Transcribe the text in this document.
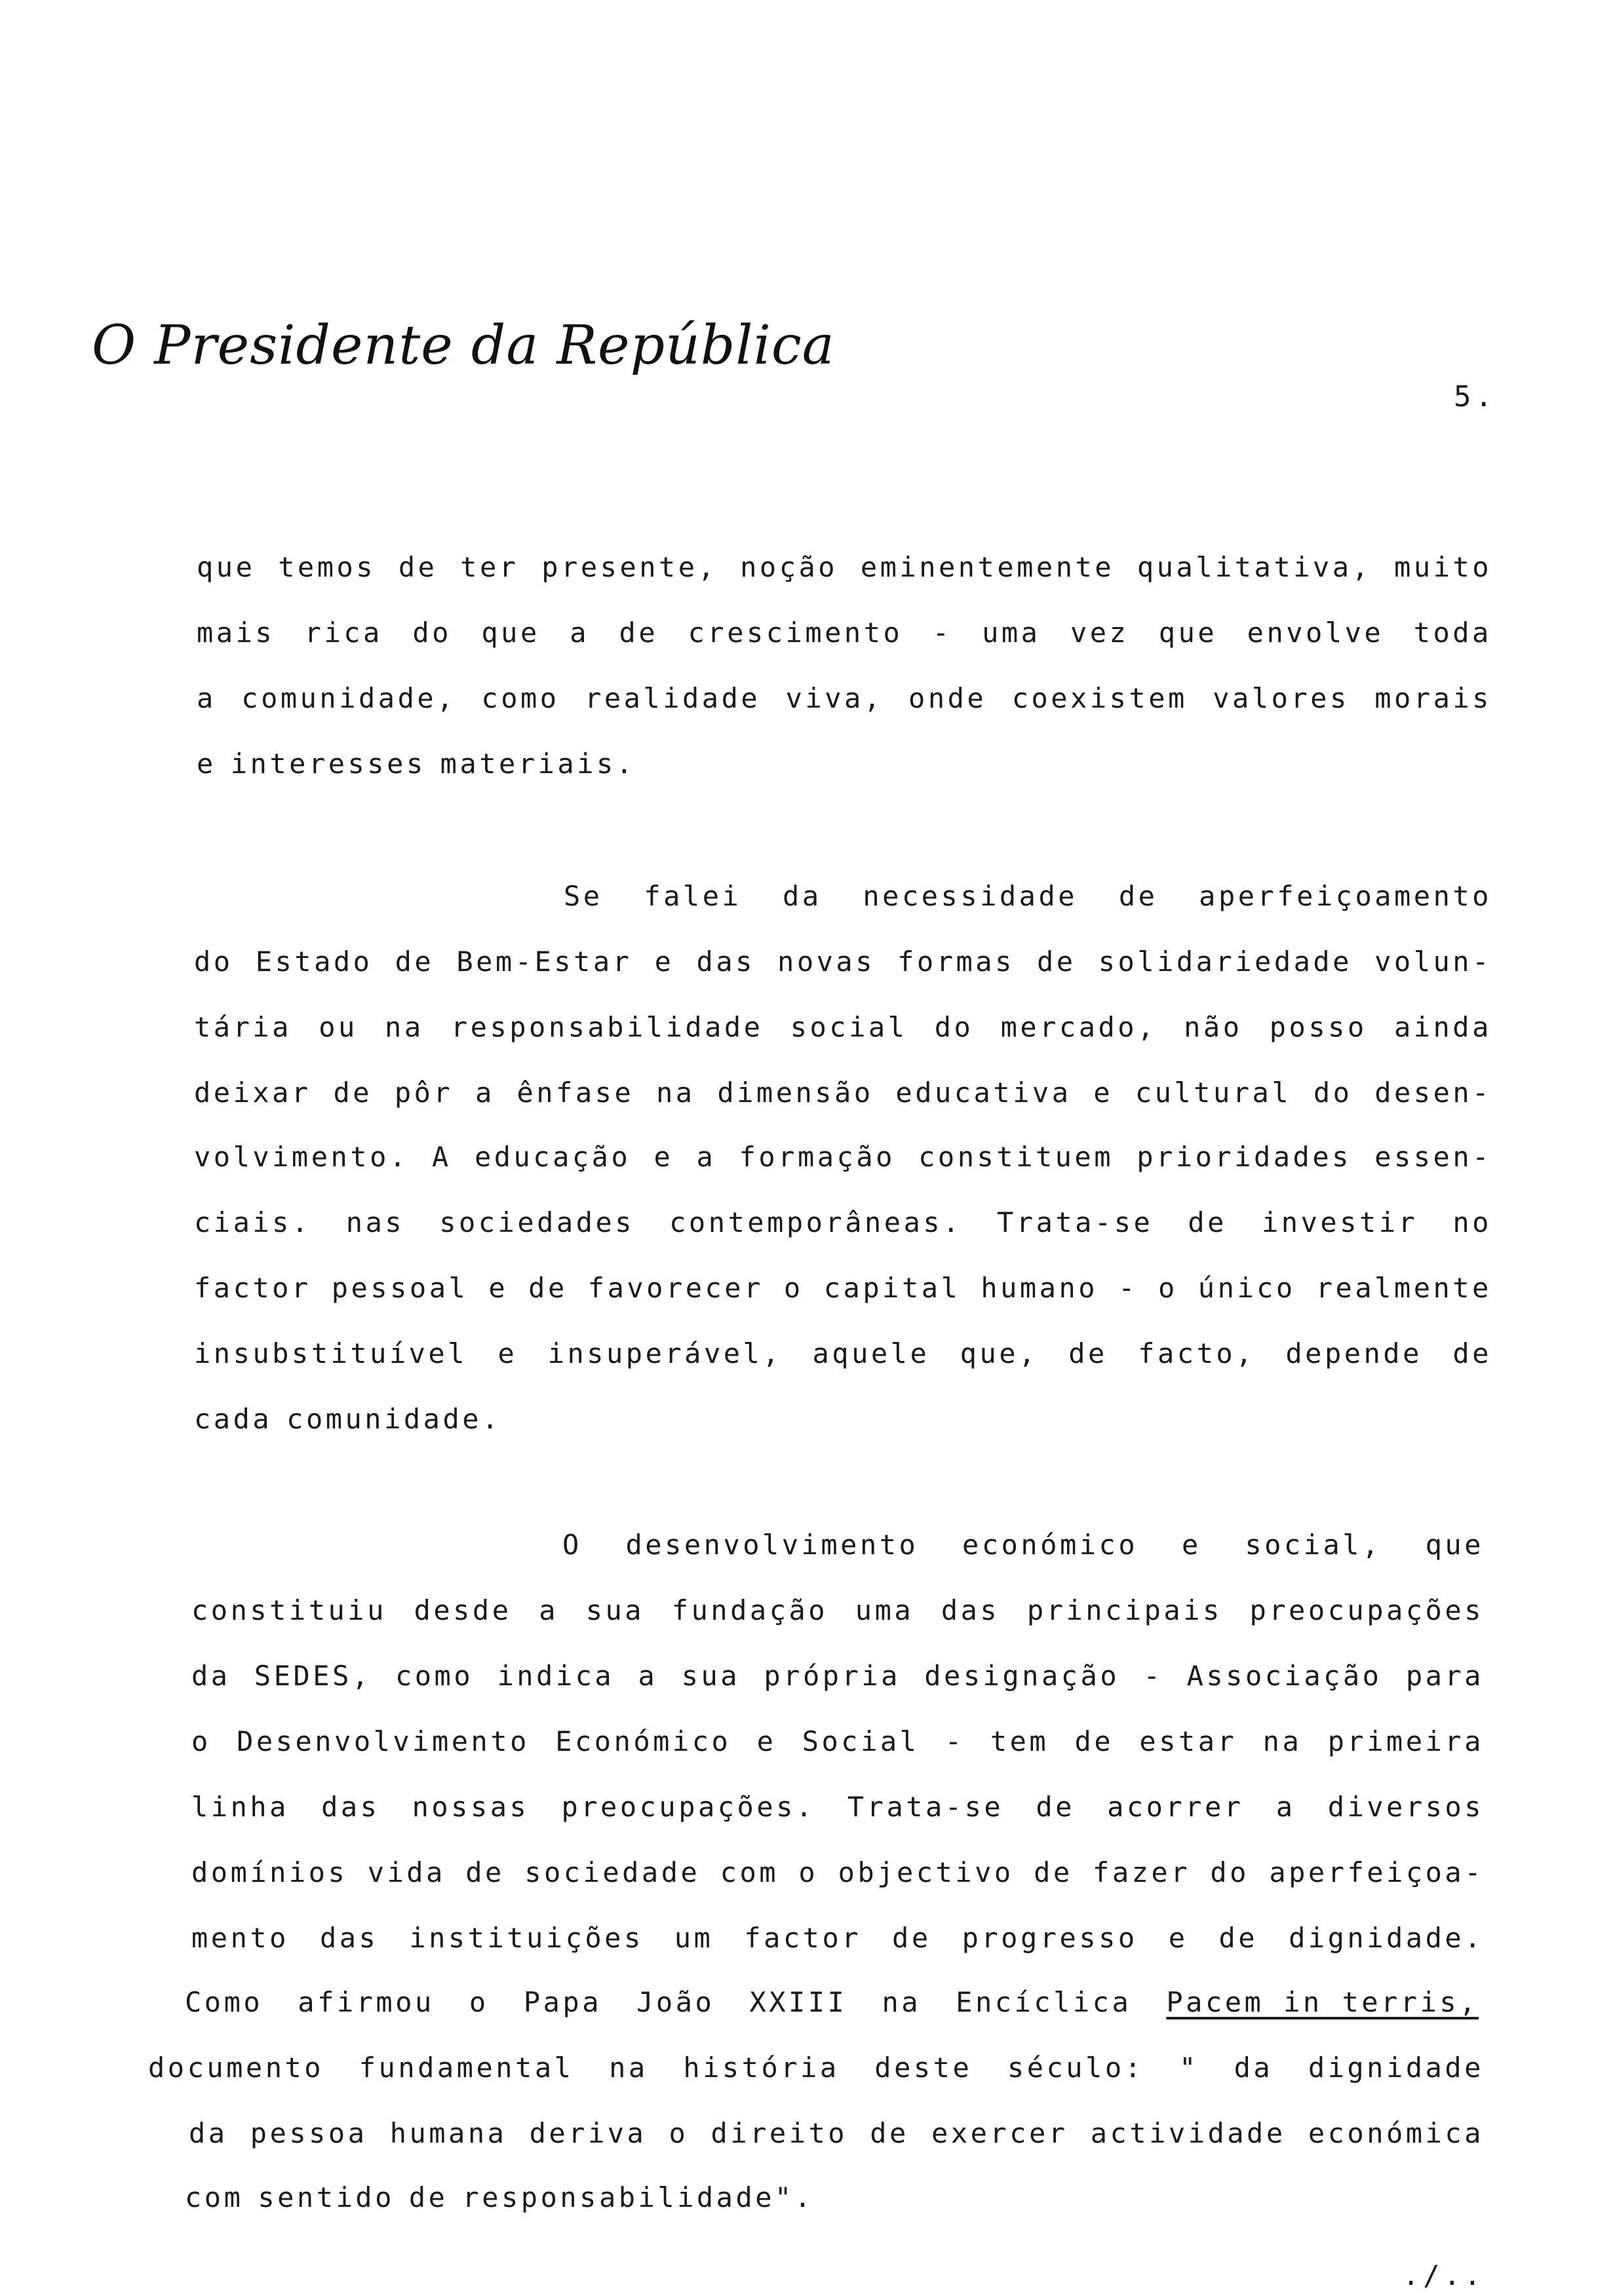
O Presidente da República
5.
que temos de ter presente, noção eminentemente qualitativa, muito
mais rica do que a de crescimento - uma vez que envolve toda
a comunidade, como realidade viva, onde coexistem valores morais
e interesses materiais.
Se falei da necessidade de aperfeiçoamento
do Estado de Bem-Estar e das novas formas de solidariedade volun-
tária ou na responsabilidade social do mercado, não posso ainda
deixar de pôr a ênfase na dimensão educativa e cultural do desen-
volvimento. A educação e a formação constituem prioridades essen-
ciais. nas sociedades contemporâneas. Trata-se de investir no
factor pessoal e de favorecer o capital humano - o único realmente
insubstituível e insuperável, aquele que, de facto, depende de
cada comunidade.
O desenvolvimento económico e social, que
constituiu desde a sua fundação uma das principais preocupações
da SEDES, como indica a sua própria designação - Associação para
o Desenvolvimento Económico e Social - tem de estar na primeira
linha das nossas preocupações. Trata-se de acorrer a diversos
domínios vida de sociedade com o objectivo de fazer do aperfeiçoa-
mento das instituições um factor de progresso e de dignidade.
Como afirmou o Papa João XXIII na Encíclica Pacem in terris,
documento fundamental na história deste século: " da dignidade
da pessoa humana deriva o direito de exercer actividade económica
com sentido de responsabilidade".
./..
